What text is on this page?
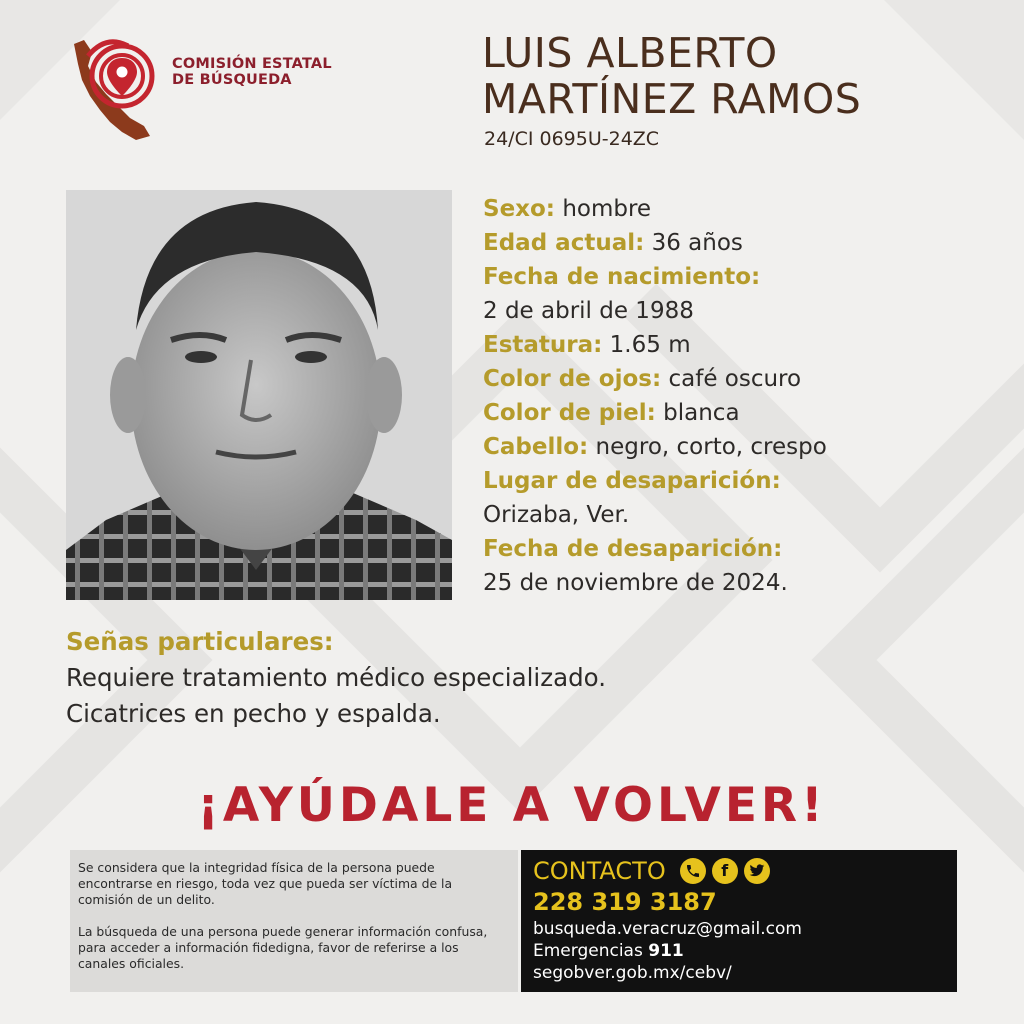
COMISIÓN ESTATAL
DE BÚSQUEDA
LUIS ALBERTO
MARTÍNEZ RAMOS
24/CI 0695U-24ZC
Sexo: hombre
Edad actual: 36 años
Fecha de nacimiento:
2 de abril de 1988
Estatura: 1.65 m
Color de ojos: café oscuro
Color de piel: blanca
Cabello: negro, corto, crespo
Lugar de desaparición:
Orizaba, Ver.
Fecha de desaparición:
25 de noviembre de 2024.
Señas particulares:
Requiere tratamiento médico especializado.
Cicatrices en pecho y espalda.
¡AYÚDALE A VOLVER!

Se considera que la integridad física de la persona puede encontrarse en riesgo, toda vez que pueda ser víctima de la comisión de un delito.

La búsqueda de una persona puede generar información confusa, para acceder a información fidedigna, favor de referirse a los canales oficiales.

CONTACTO	f
228 319 3187
busqueda.veracruz@gmail.com
Emergencias 911
segobver.gob.mx/cebv/
